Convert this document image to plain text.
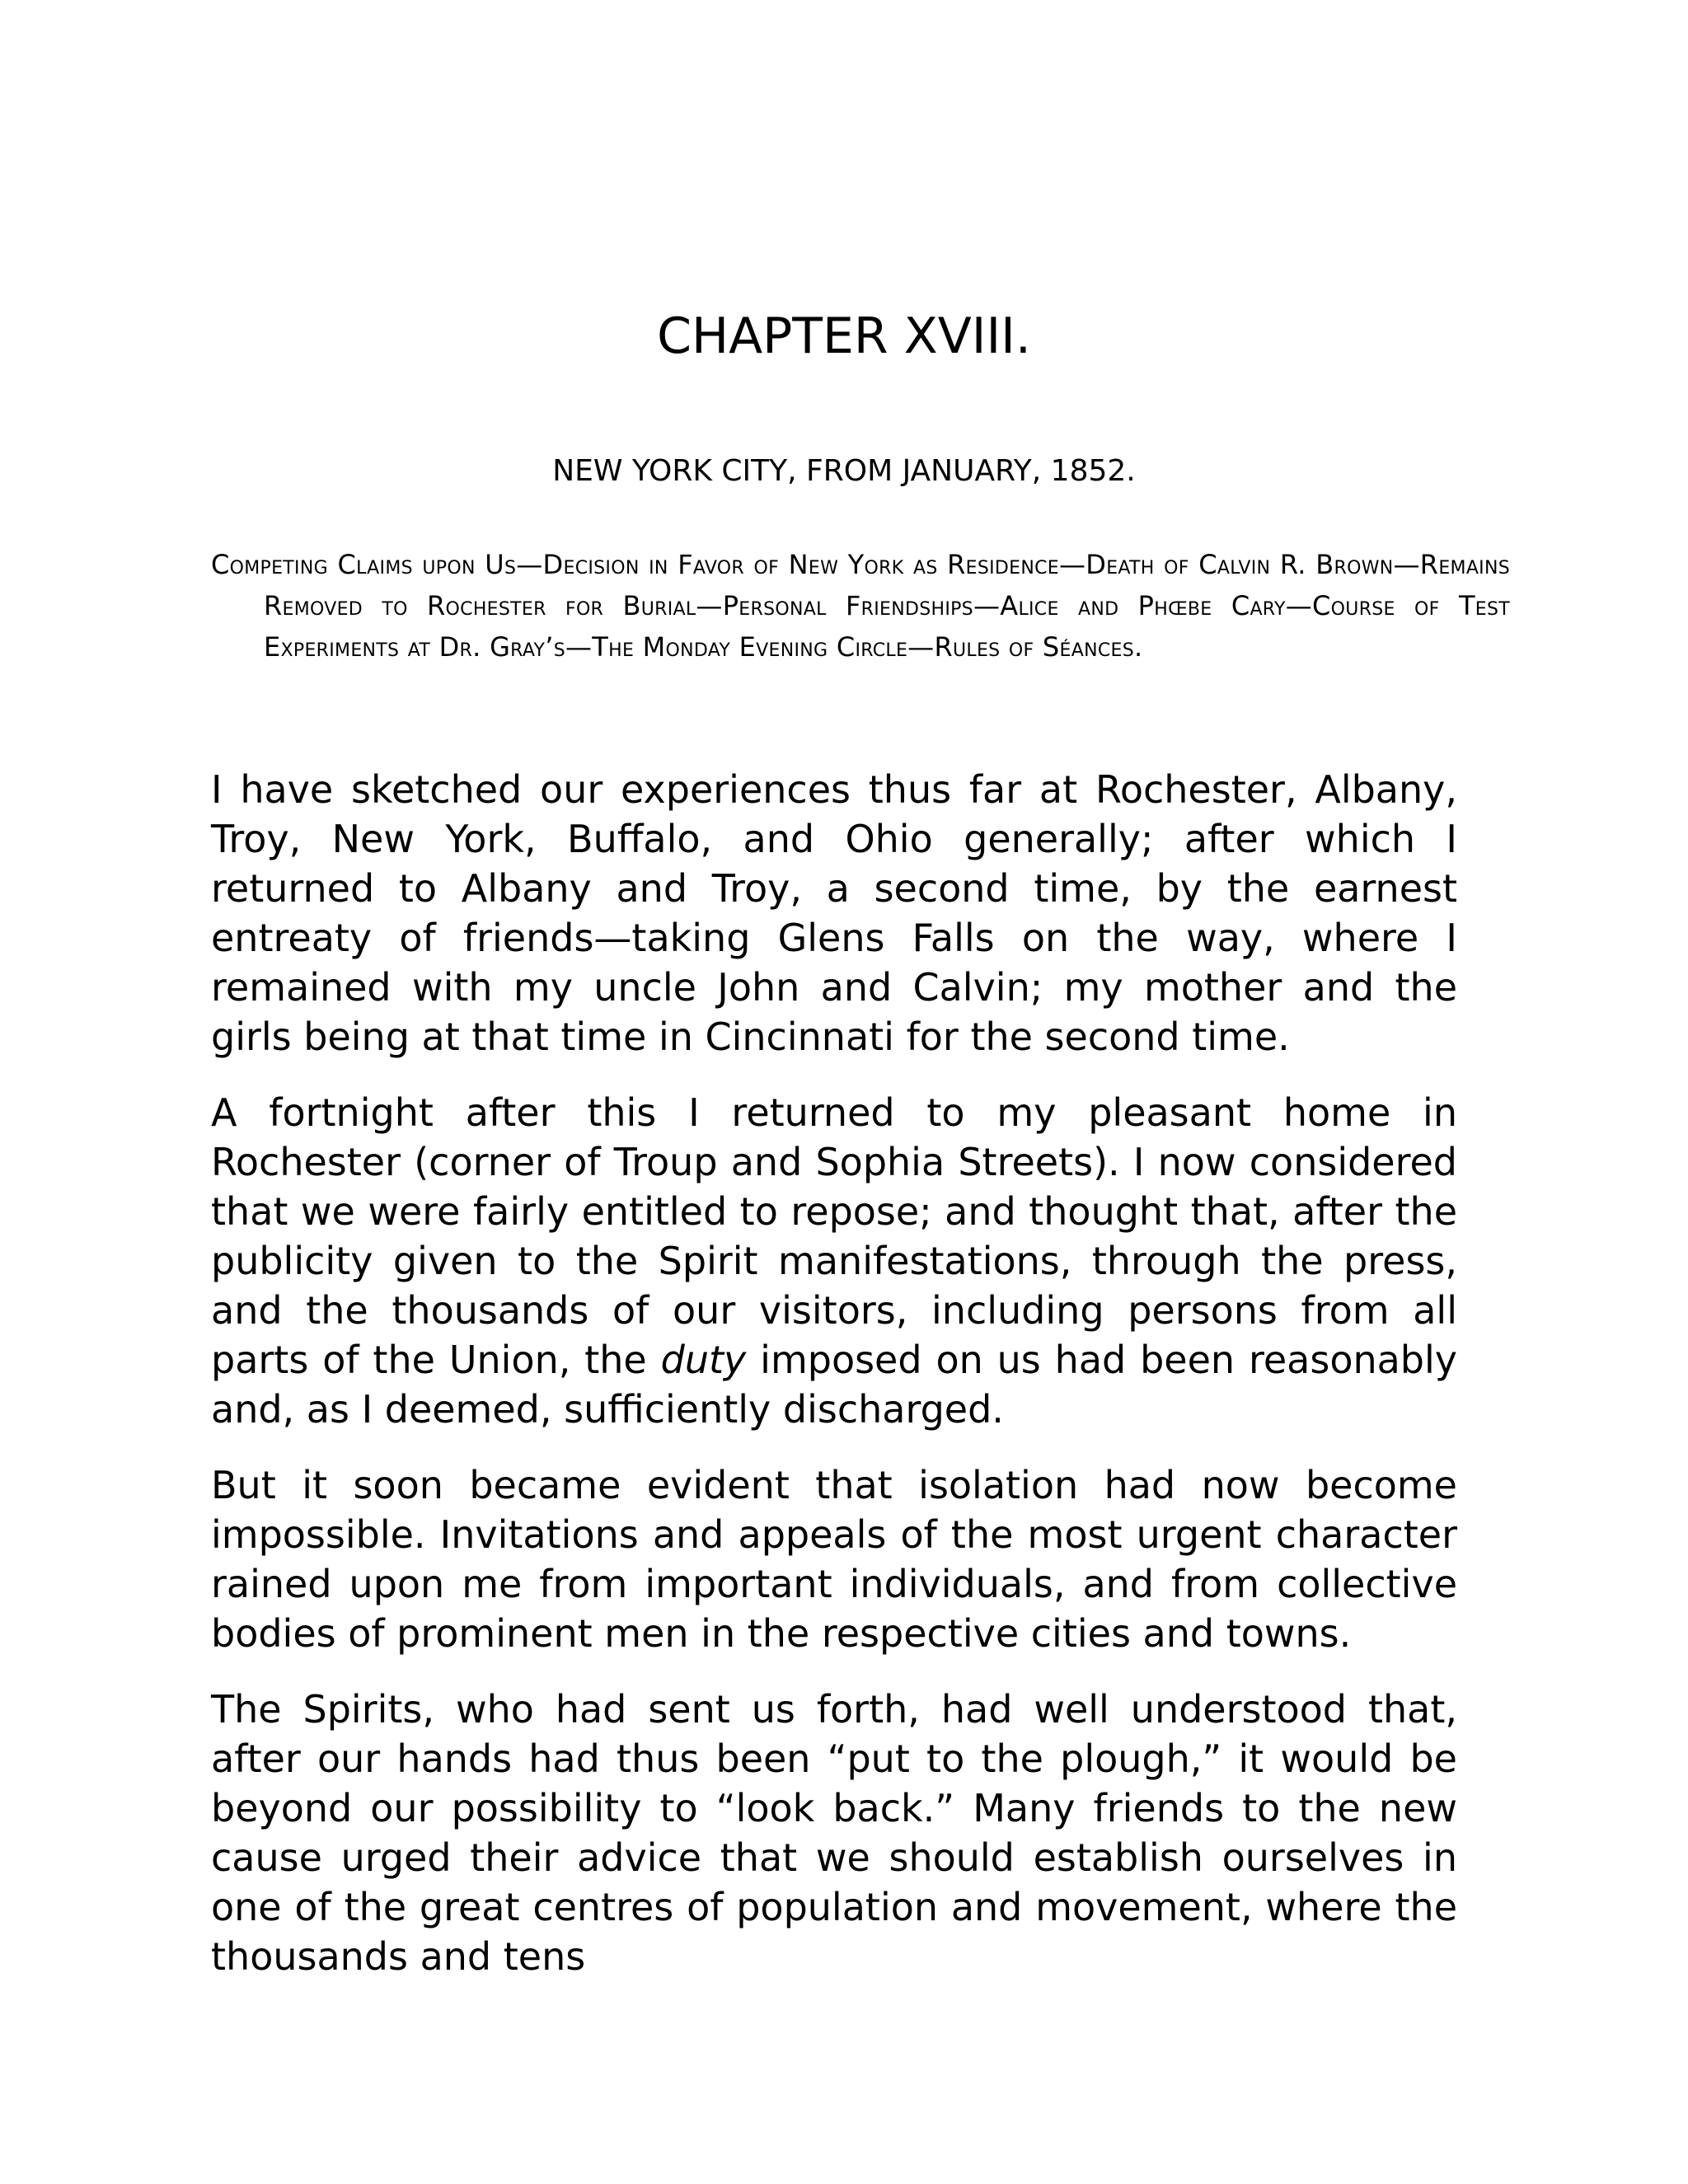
CHAPTER XVIII.
NEW YORK CITY, FROM JANUARY, 1852.

Competing Claims upon Us—Decision in Favor of New York as Residence—Death of Calvin R. Brown—Remains Removed to Rochester for Burial—Personal Friendships—Alice and Phœbe Cary—Course of Test Experiments at Dr. Gray’s—The Monday Evening Circle—Rules of Séances.

I have sketched our experiences thus far at Rochester, Albany, Troy, New York, Buffalo, and Ohio generally; after which I returned to Albany and Troy, a second time, by the earnest entreaty of friends—taking Glens Falls on the way, where I remained with my uncle John and Calvin; my mother and the girls being at that time in Cincinnati for the second time.

A fortnight after this I returned to my pleasant home in Rochester (corner of Troup and Sophia Streets). I now considered that we were fairly entitled to repose; and thought that, after the publicity given to the Spirit manifestations, through the press, and the thousands of our visitors, including persons from all parts of the Union, the duty imposed on us had been reasonably and, as I deemed, sufficiently discharged.

But it soon became evident that isolation had now become impossible. Invitations and appeals of the most urgent character rained upon me from important individuals, and from collective bodies of prominent men in the respective cities and towns.

The Spirits, who had sent us forth, had well understood that, after our hands had thus been “put to the plough,” it would be beyond our possibility to “look back.” Many friends to the new cause urged their advice that we should establish ourselves in one of the great centres of population and movement, where the thousands and tens
